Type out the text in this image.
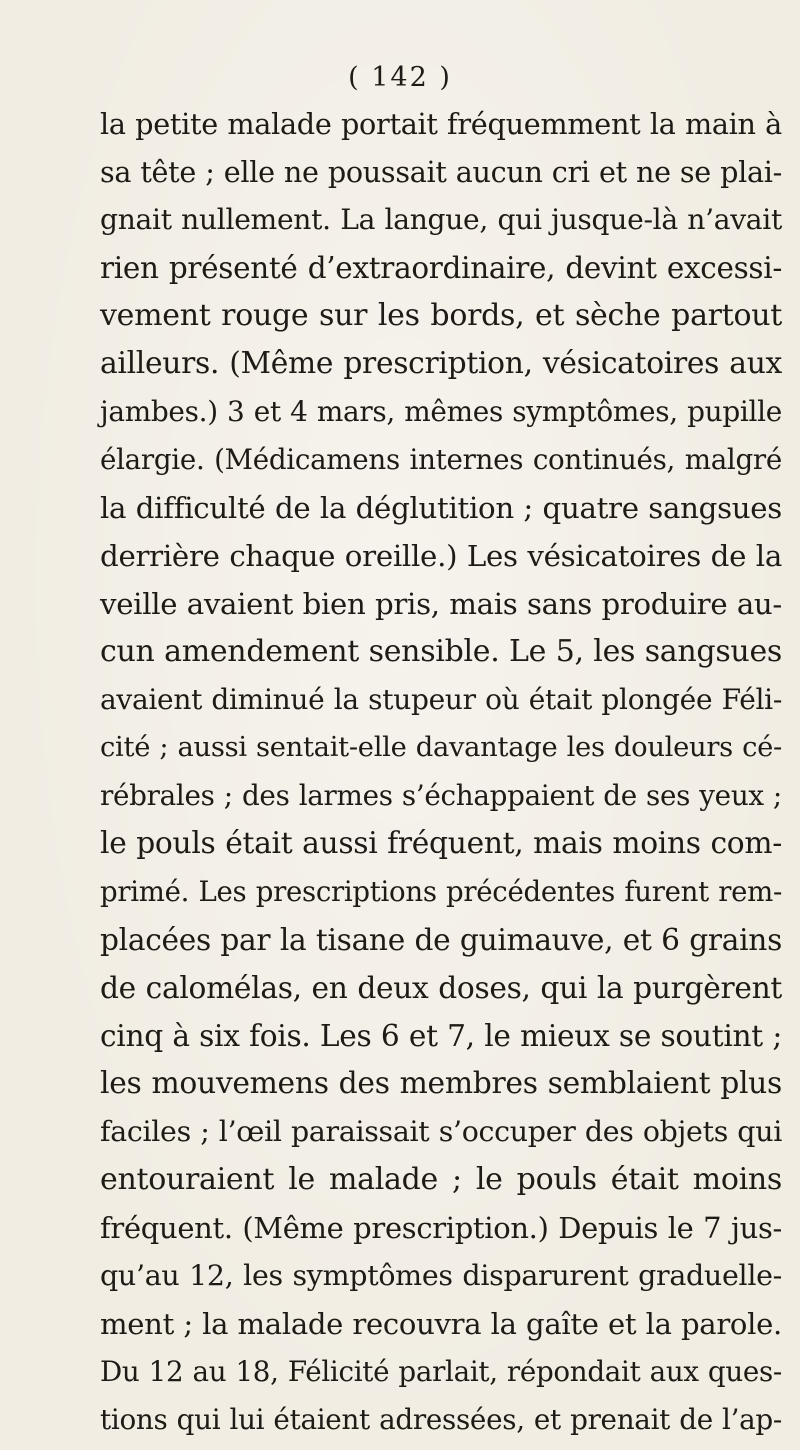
( 142 )
la petite malade portait fréquemment la main à
sa tête ; elle ne poussait aucun cri et ne se plai-
gnait nullement. La langue, qui jusque-là n’avait
rien présenté d’extraordinaire, devint excessi-
vement rouge sur les bords, et sèche partout
ailleurs. (Même prescription, vésicatoires aux
jambes.) 3 et 4 mars, mêmes symptômes, pupille
élargie. (Médicamens internes continués, malgré
la difficulté de la déglutition ; quatre sangsues
derrière chaque oreille.) Les vésicatoires de la
veille avaient bien pris, mais sans produire au-
cun amendement sensible. Le 5, les sangsues
avaient diminué la stupeur où était plongée Féli-
cité ; aussi sentait-elle davantage les douleurs cé-
rébrales ; des larmes s’échappaient de ses yeux ;
le pouls était aussi fréquent, mais moins com-
primé. Les prescriptions précédentes furent rem-
placées par la tisane de guimauve, et 6 grains
de calomélas, en deux doses, qui la purgèrent
cinq à six fois. Les 6 et 7, le mieux se soutint ;
les mouvemens des membres semblaient plus
faciles ; l’œil paraissait s’occuper des objets qui
entouraient le malade ; le pouls était moins
fréquent. (Même prescription.) Depuis le 7 jus-
qu’au 12, les symptômes disparurent graduelle-
ment ; la malade recouvra la gaîte et la parole.
Du 12 au 18, Félicité parlait, répondait aux ques-
tions qui lui étaient adressées, et prenait de l’ap-
